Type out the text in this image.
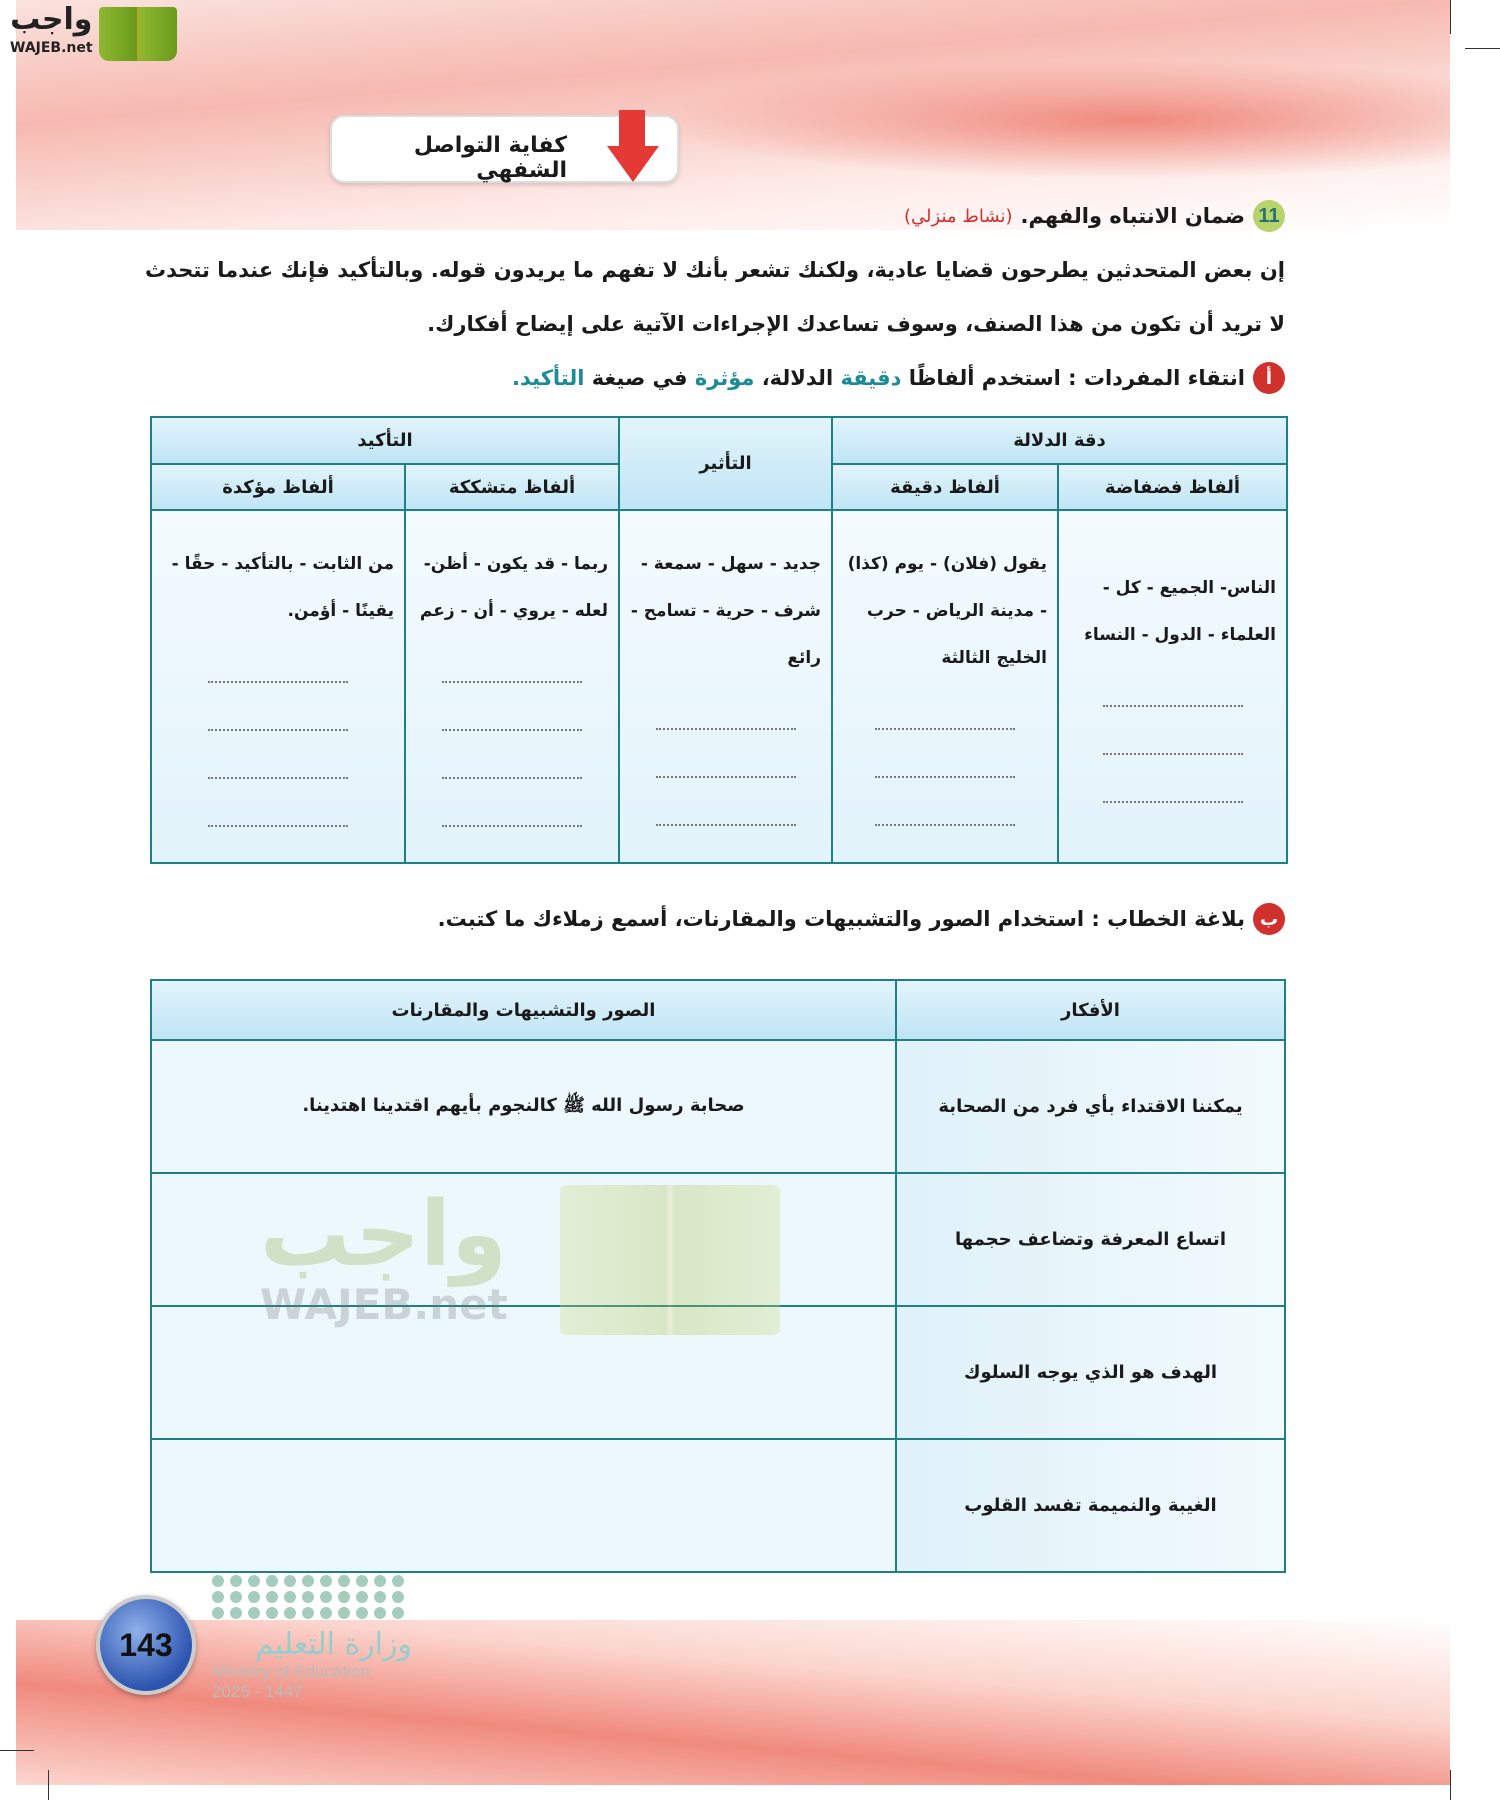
واجب
WAJEB.net
كفاية التواصل الشفهي
11
ضمان الانتباه والفهم.
(نشاط منزلي)
إن بعض المتحدثين يطرحون قضايا عادية، ولكنك تشعر بأنك لا تفهم ما يريدون قوله. وبالتأكيد فإنك عندما تتحدث لا تريد أن تكون من هذا الصنف، وسوف تساعدك الإجراءات الآتية على إيضاح أفكارك.
أ
انتقاء المفردات : استخدم ألفاظًا دقيقة الدلالة، مؤثرة في صيغة التأكيد.
دقة الدلالة		التأثير	التأكيد	
ألفاظ فضفاضة	ألفاظ دقيقة		ألفاظ متشككة	ألفاظ مؤكدة

الناس- الجميع - كل - العلماء - الدول - النساء	يقول (فلان) - يوم (كذا) - مدينة الرياض - حرب الخليج الثالثة	جديد - سهل - سمعة - شرف - حرية - تسامح - رائع	ربما - قد يكون - أظن- لعله - يروي - أن - زعم	من الثابت - بالتأكيد - حقًا - يقينًا - أؤمن.
ب
بلاغة الخطاب : استخدام الصور والتشبيهات والمقارنات، أسمع زملاءك ما كتبت.
الأفكار	الصور والتشبيهات والمقارنات
يمكننا الاقتداء بأي فرد من الصحابة	صحابة رسول الله ﷺ كالنجوم بأيهم اقتدينا اهتدينا.
اتساع المعرفة وتضاعف حجمها	
الهدف هو الذي يوجه السلوك	
الغيبة والنميمة تفسد القلوب	
واجب
WAJEB.net
143	وزارة التعليم
Ministry of Education
2025 - 1447
